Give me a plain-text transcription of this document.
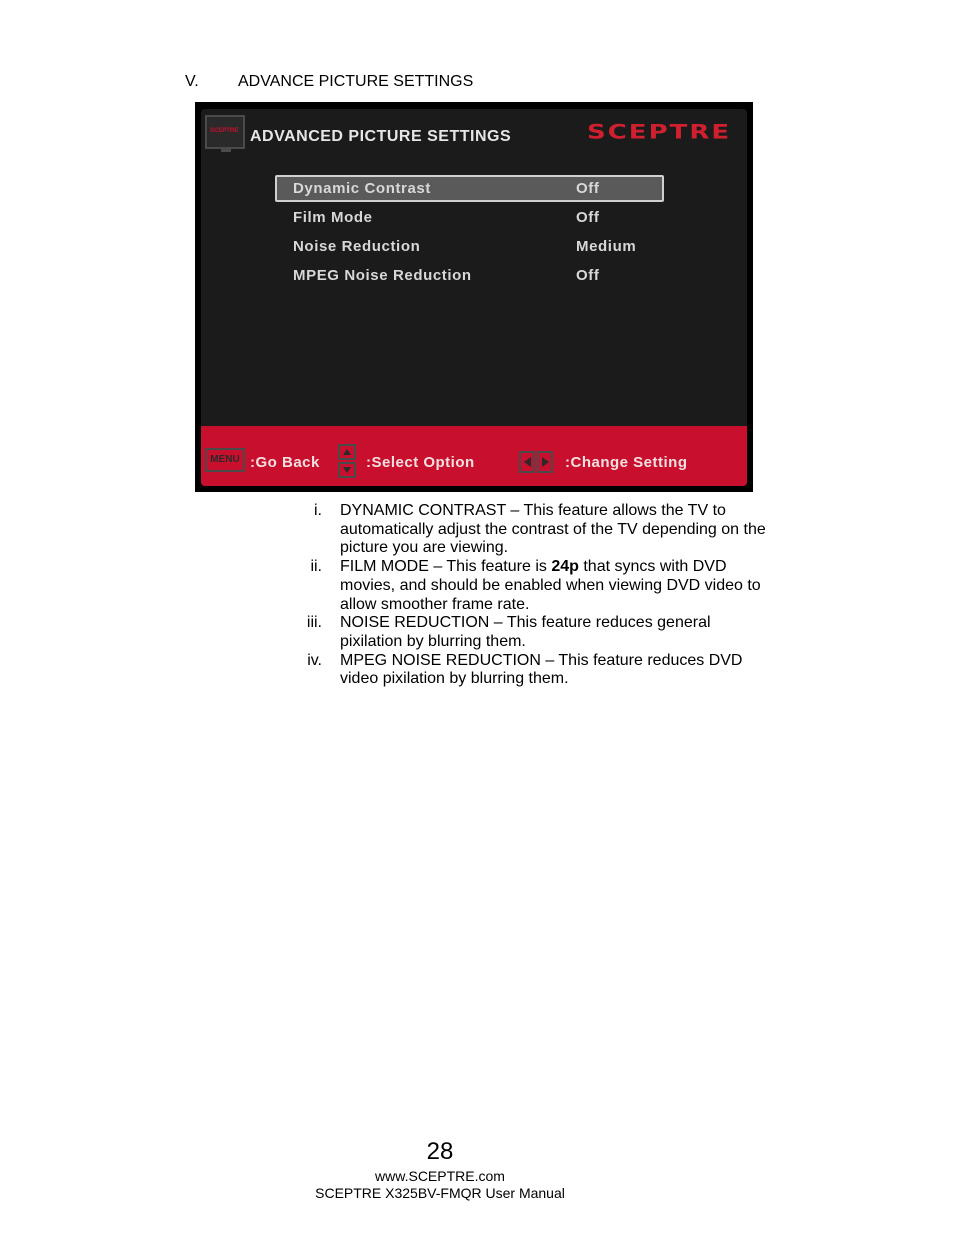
V. ADVANCE PICTURE SETTINGS
SCEPTRE ADVANCED PICTURE SETTINGS	SCEPTRE
Dynamic Contrast	Off
Film Mode	Off
Noise Reduction	Medium
MPEG Noise Reduction	Off
MENU :Go Back	:Select Option	:Change Setting
i. DYNAMIC CONTRAST – This feature allows the TV to automatically adjust the contrast of the TV depending on the picture you are viewing.
ii. FILM MODE – This feature is 24p that syncs with DVD movies, and should be enabled when viewing DVD video to allow smoother frame rate.
iii. NOISE REDUCTION – This feature reduces general pixilation by blurring them.
iv. MPEG NOISE REDUCTION – This feature reduces DVD video pixilation by blurring them.
28
www.SCEPTRE.com
SCEPTRE X325BV-FMQR User Manual
